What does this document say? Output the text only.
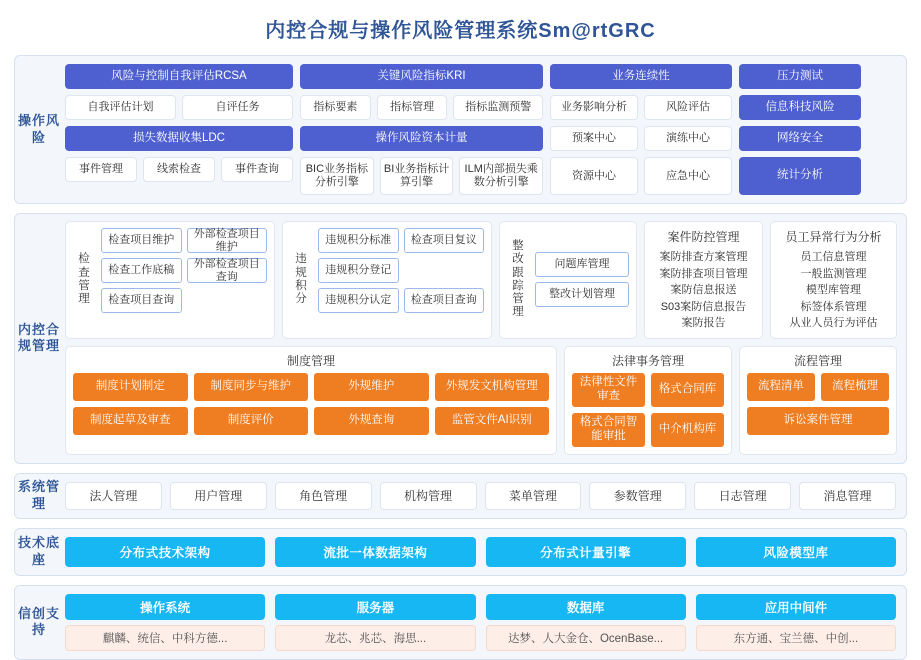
内控合规与操作风险管理系统Sm@rtGRC
操作风险
风险与控制自我评估RCSA
自我评估计划	自评任务
损失数据收集LDC
事件管理	线索检查	事件查询
关键风险指标KRI
指标要素	指标管理	指标监测预警
操作风险资本计量
BIC业务指标分析引擎
BI业务指标计算引擎
ILM内部损失乘数分析引擎
业务连续性
业务影响分析	风险评估
预案中心	演练中心
资源中心	应急中心
压力测试
信息科技风险
网络安全
统计分析
内控合规管理
检查管理
检查项目维护
外部检查项目维护
检查工作底稿
外部检查项目查询
检查项目查询
违规积分
违规积分标准	检查项目复议
违规积分登记
违规积分认定	检查项目查询
整改跟踪管理
问题库管理
整改计划管理
案件防控管理
案防排查方案管理
案防排查项目管理
案防信息报送
S03案防信息报告
案防报告
员工异常行为分析
员工信息管理
一般监测管理
模型库管理
标签体系管理
从业人员行为评估
制度管理
制度计划制定	制度同步与维护	外规维护	外规发文机构管理
制度起草及审查	制度评价	外规查询	监管文件AI识别
法律事务管理
法律性文件审查
格式合同库
格式合同智能审批
中介机构库
流程管理
流程清单	流程梳理
诉讼案件管理
系统管理	法人管理	用户管理	角色管理	机构管理	菜单管理	参数管理	日志管理	消息管理
技术底座	分布式技术架构	流批一体数据架构	分布式计量引擎	风险模型库
信创支持
操作系统
麒麟、统信、中科方德...
服务器
龙芯、兆芯、海思...
数据库
达梦、人大金仓、OcenBase...
应用中间件
东方通、宝兰德、中创...
